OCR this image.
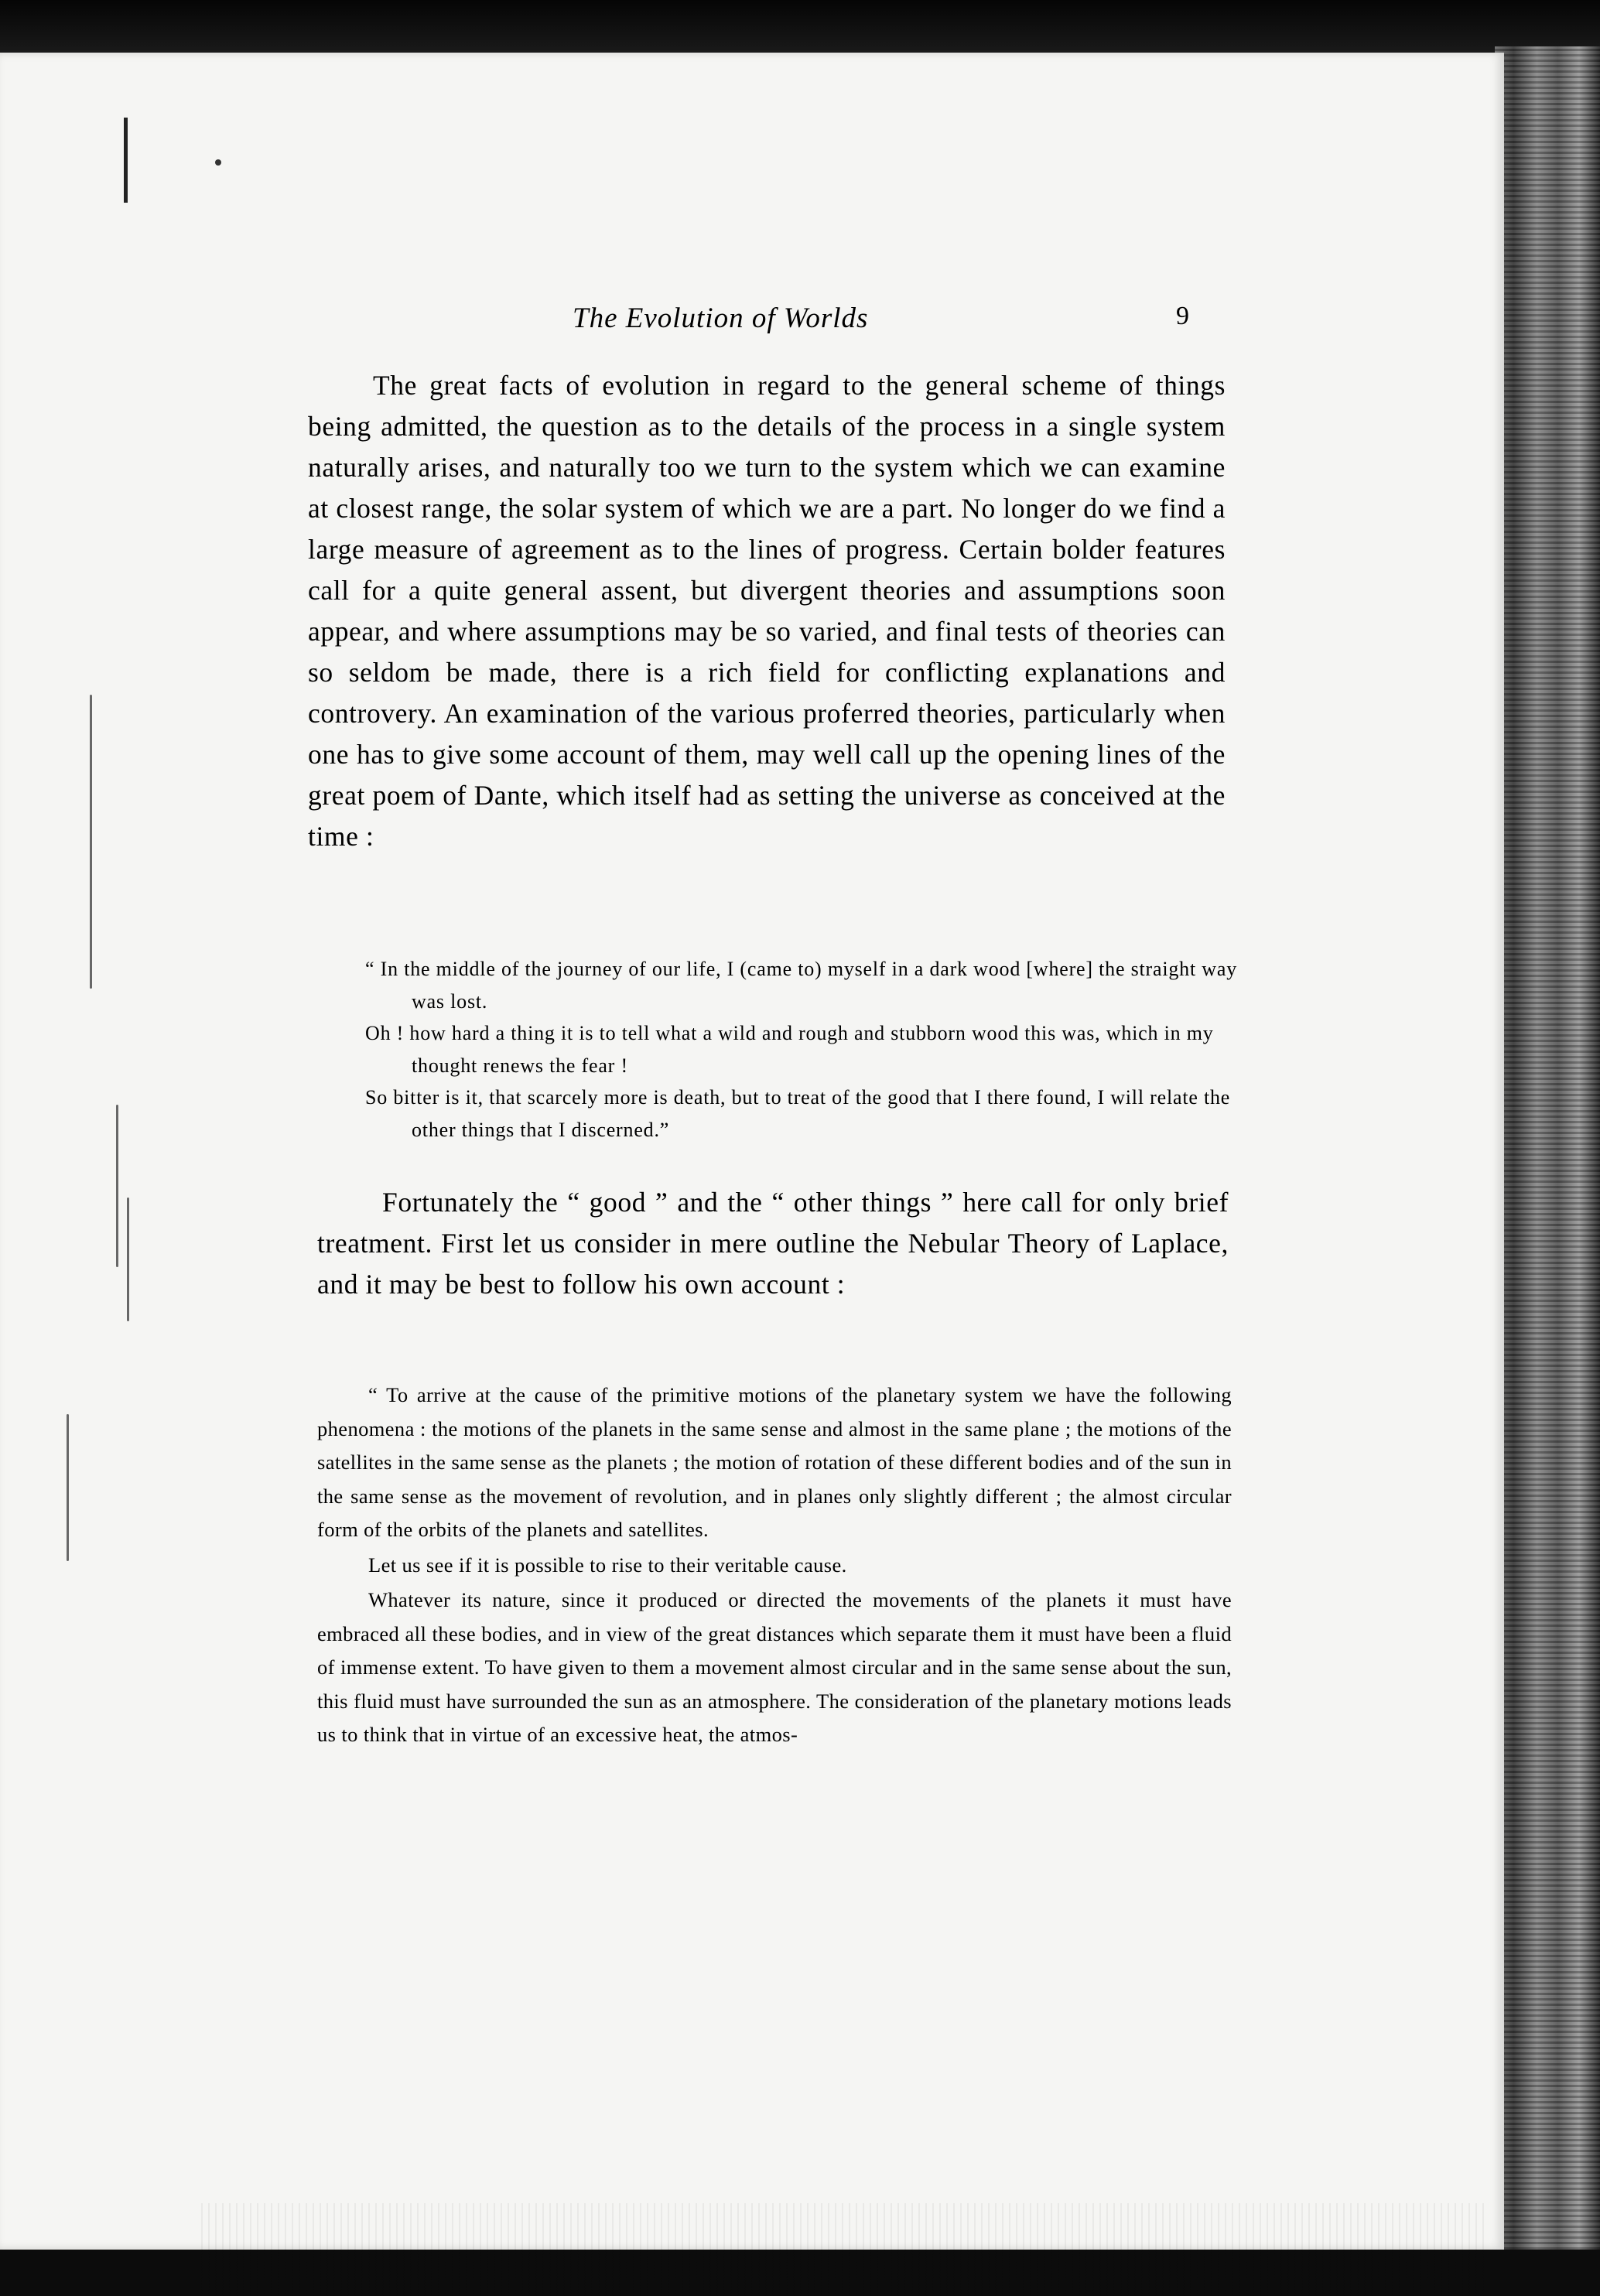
The Evolution of Worlds	9

The great facts of evolution in regard to the general scheme of things being admitted, the question as to the details of the process in a single system naturally arises, and naturally too we turn to the system which we can examine at closest range, the solar system of which we are a part. No longer do we find a large measure of agreement as to the lines of progress. Certain bolder features call for a quite general assent, but divergent theories and assumptions soon appear, and where assumptions may be so varied, and final tests of theories can so seldom be made, there is a rich field for conflicting explanations and controvery. An examination of the various proferred theories, particularly when one has to give some account of them, may well call up the opening lines of the great poem of Dante, which itself had as setting the universe as conceived at the time :

“ In the middle of the journey of our life, I (came to) myself in a dark wood [where] the straight way was lost.

Oh ! how hard a thing it is to tell what a wild and rough and stubborn wood this was, which in my thought renews the fear !

So bitter is it, that scarcely more is death, but to treat of the good that I there found, I will relate the other things that I discerned.”

Fortunately the “ good ” and the “ other things ” here call for only brief treatment. First let us consider in mere outline the Nebular Theory of Laplace, and it may be best to follow his own account :

“ To arrive at the cause of the primitive motions of the planetary system we have the following phenomena : the motions of the planets in the same sense and almost in the same plane ; the motions of the satellites in the same sense as the planets ; the motion of rotation of these different bodies and of the sun in the same sense as the movement of revolution, and in planes only slightly different ; the almost circular form of the orbits of the planets and satellites.

Let us see if it is possible to rise to their veritable cause.

Whatever its nature, since it produced or directed the movements of the planets it must have embraced all these bodies, and in view of the great distances which separate them it must have been a fluid of immense extent. To have given to them a movement almost circular and in the same sense about the sun, this fluid must have surrounded the sun as an atmosphere. The consideration of the planetary motions leads us to think that in virtue of an excessive heat, the atmos-
